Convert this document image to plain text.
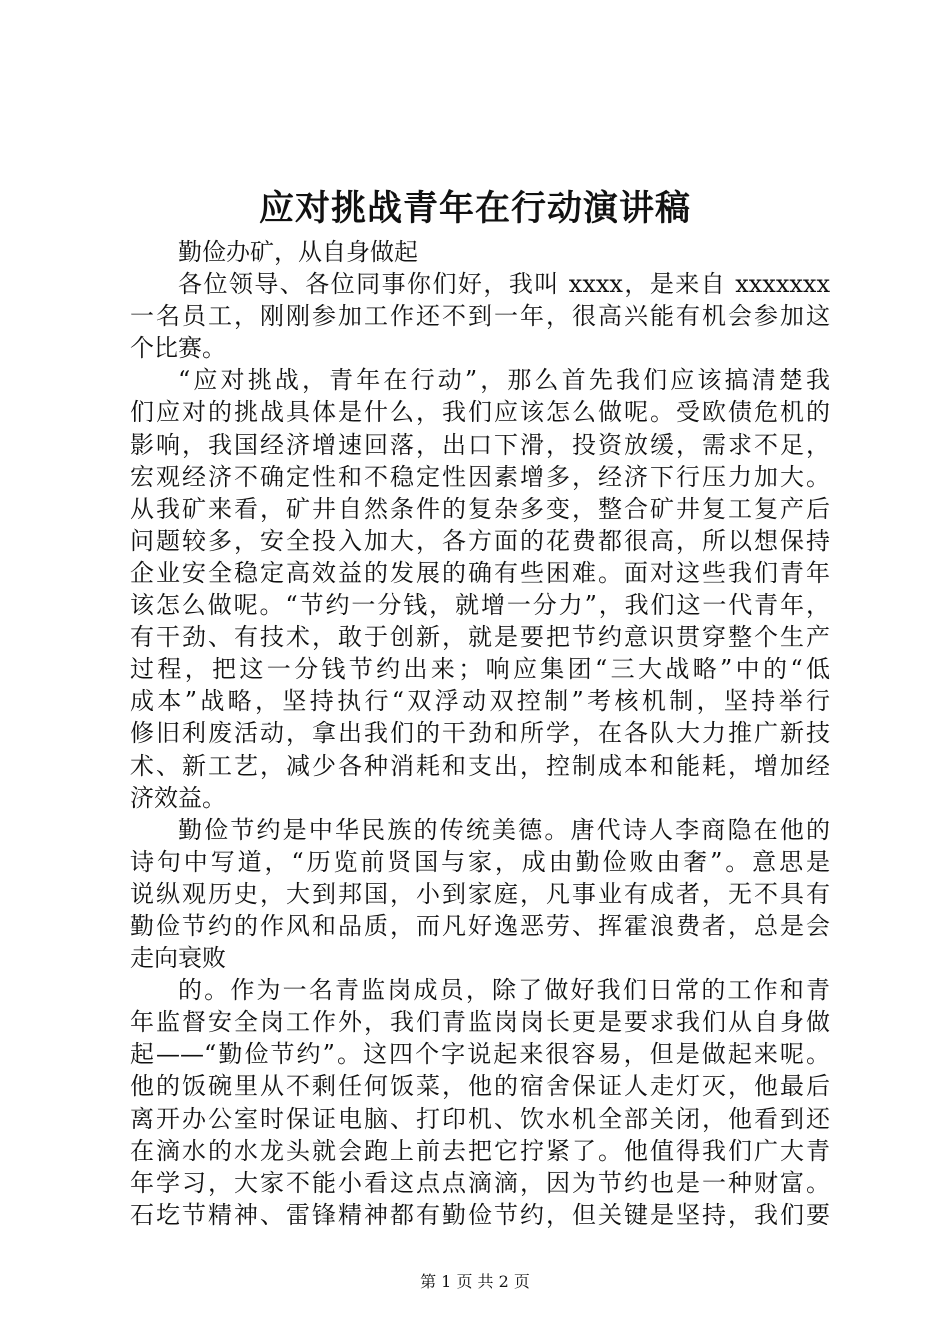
应对挑战青年在行动演讲稿
勤俭办矿，从自身做起
各位领导、各位同事你们好，我叫 xxxx，是来自 xxxxxxx
一名员工，刚刚参加工作还不到一年，很高兴能有机会参加这
个比赛。
“应对挑战，青年在行动”，那么首先我们应该搞清楚我
们应对的挑战具体是什么，我们应该怎么做呢。受欧债危机的
影响，我国经济增速回落，出口下滑，投资放缓，需求不足，
宏观经济不确定性和不稳定性因素增多，经济下行压力加大。
从我矿来看，矿井自然条件的复杂多变，整合矿井复工复产后
问题较多，安全投入加大，各方面的花费都很高，所以想保持
企业安全稳定高效益的发展的确有些困难。面对这些我们青年
该怎么做呢。“节约一分钱，就增一分力”，我们这一代青年，
有干劲、有技术，敢于创新，就是要把节约意识贯穿整个生产
过程，把这一分钱节约出来；响应集团“三大战略”中的“低
成本”战略，坚持执行“双浮动双控制”考核机制，坚持举行
修旧利废活动，拿出我们的干劲和所学，在各队大力推广新技
术、新工艺，减少各种消耗和支出，控制成本和能耗，增加经
济效益。
勤俭节约是中华民族的传统美德。唐代诗人李商隐在他的
诗句中写道，“历览前贤国与家，成由勤俭败由奢”。意思是
说纵观历史，大到邦国，小到家庭，凡事业有成者，无不具有
勤俭节约的作风和品质，而凡好逸恶劳、挥霍浪费者，总是会
走向衰败
的。作为一名青监岗成员，除了做好我们日常的工作和青
年监督安全岗工作外，我们青监岗岗长更是要求我们从自身做
起——“勤俭节约”。这四个字说起来很容易，但是做起来呢。
他的饭碗里从不剩任何饭菜，他的宿舍保证人走灯灭，他最后
离开办公室时保证电脑、打印机、饮水机全部关闭，他看到还
在滴水的水龙头就会跑上前去把它拧紧了。他值得我们广大青
年学习，大家不能小看这点点滴滴，因为节约也是一种财富。
石圪节精神、雷锋精神都有勤俭节约，但关键是坚持，我们要
第 1 页 共 2 页
